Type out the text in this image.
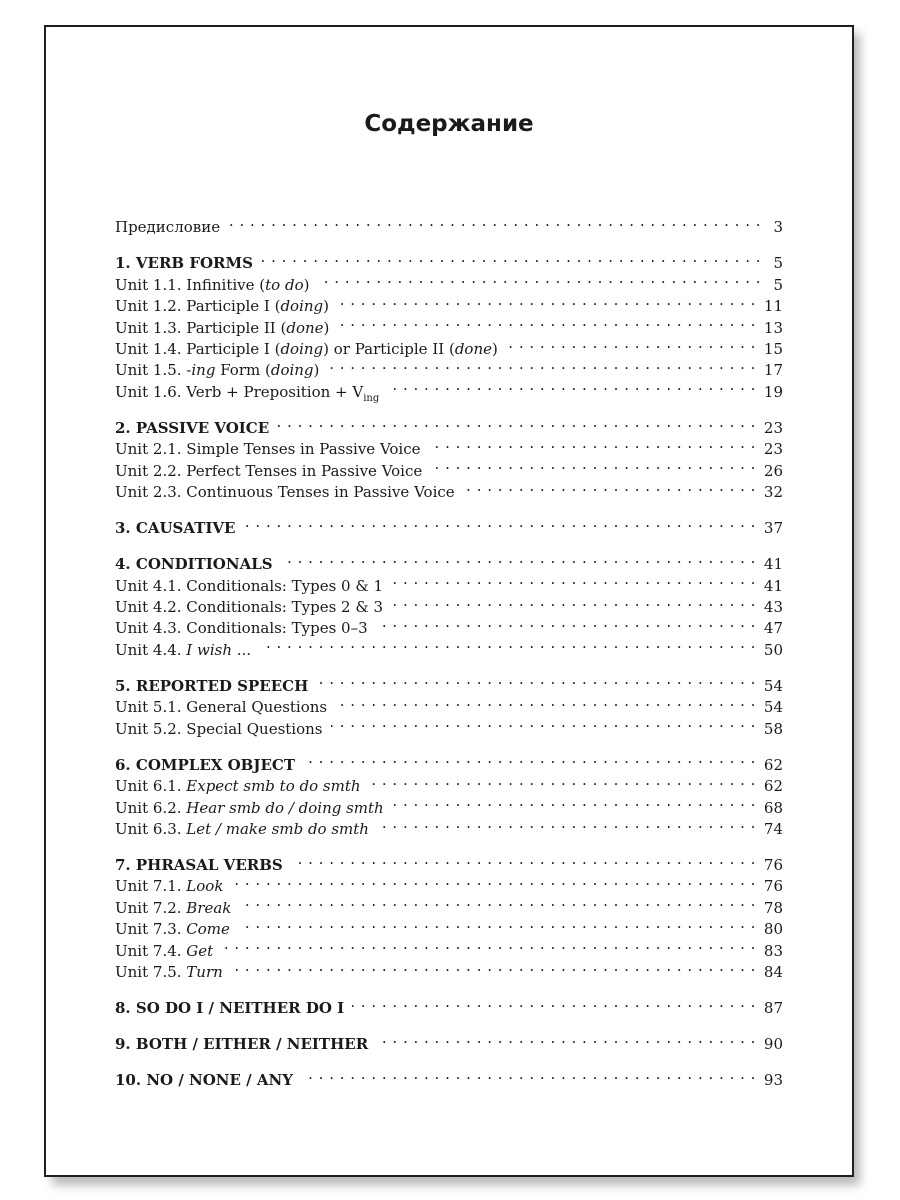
Содержание
Предисловие . . .	3
1. VERB FORMS . . .	5
Unit 1.1. Infinitive (to do) . . .	5
Unit 1.2. Participle I (doing) . . .	11
Unit 1.3. Participle II (done) . . .	13
Unit 1.4. Participle I (doing) or Participle II (done) . . .	15
Unit 1.5. -ing Form (doing) . . .	17
Unit 1.6. Verb + Preposition + $V_{ing}$ . . .	19
2. PASSIVE VOICE . . .	23
Unit 2.1. Simple Tenses in Passive Voice . . .	23
Unit 2.2. Perfect Tenses in Passive Voice . . .	26
Unit 2.3. Continuous Tenses in Passive Voice . . .	32
3. CAUSATIVE . . .	37
4. CONDITIONALS . . .	41
Unit 4.1. Conditionals: Types 0 & 1 . . .	41
Unit 4.2. Conditionals: Types 2 & 3 . . .	43
Unit 4.3. Conditionals: Types 0–3 . . .	47
Unit 4.4. I wish ... . . .	50
5. REPORTED SPEECH . . .	54
Unit 5.1. General Questions . . .	54
Unit 5.2. Special Questions . . .	58
6. COMPLEX OBJECT . . .	62
Unit 6.1. Expect smb to do smth . . .	62
Unit 6.2. Hear smb do / doing smth . . .	68
Unit 6.3. Let / make smb do smth . . .	74
7. PHRASAL VERBS . . .	76
Unit 7.1. Look . . .	76
Unit 7.2. Break . . .	78
Unit 7.3. Come . . .	80
Unit 7.4. Get . . .	83
Unit 7.5. Turn . . .	84
8. SO DO I / NEITHER DO I . . .	87
9. BOTH / EITHER / NEITHER . . .	90
10. NO / NONE / ANY . . .	93
